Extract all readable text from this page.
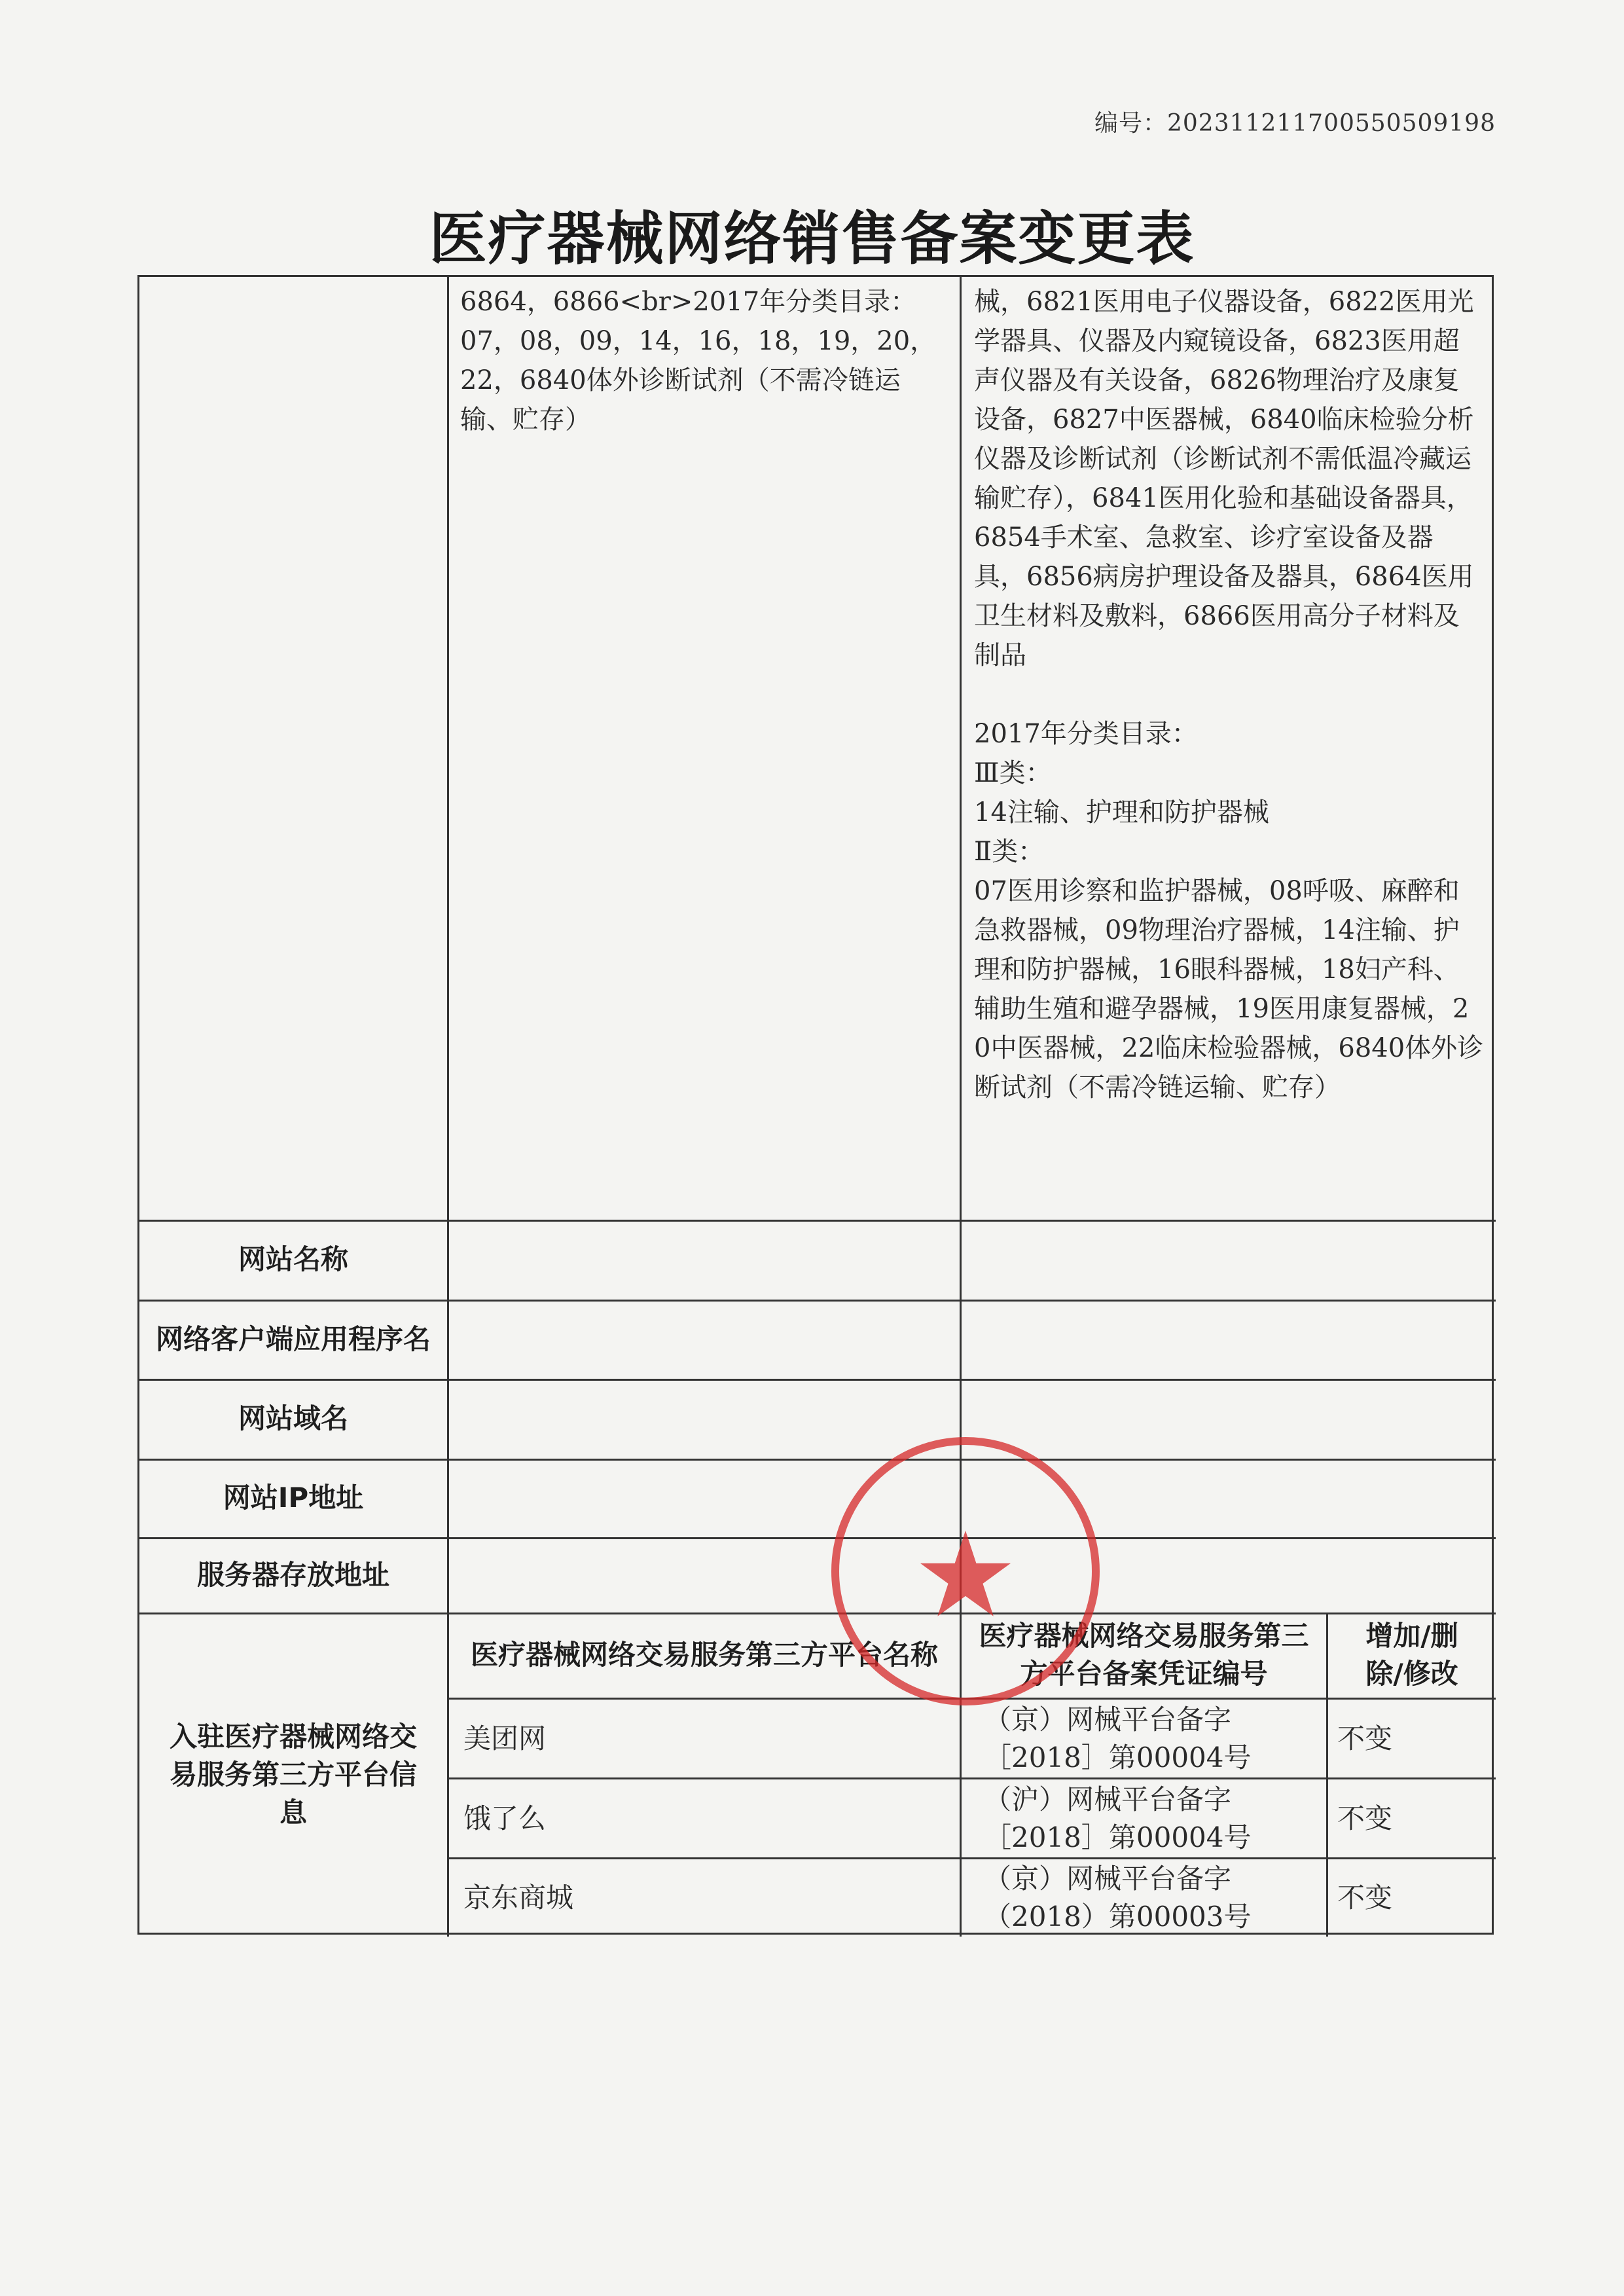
编号：20231121170055050919​8
医疗器械网络销售备案变更表
6864，6866<br>2017年分类目录：
07，08，09，14，16，18，19，20，22，6840体外诊断试剂（不需冷链运输、贮存）
械，6821医用电子仪器设备，6822医用光学器具、仪器及内窥镜设备，6823医用超声仪器及有关设备，6826物理治疗及康复设备，6827中医器械，6840临床检验分析仪器及诊断试剂（诊断试剂不需低温冷藏运输贮存），6841医用化验和基础设备器具，6854手术室、急救室、诊疗室设备及器具，6856病房护理设备及器具，6864医用卫生材料及敷料，6866医用高分子材料及制品

2017年分类目录：
Ⅲ类：
14注输、护理和防护器械
Ⅱ类：
07医用诊察和监护器械，08呼吸、麻醉和急救器械，09物理治疗器械，14注输、护理和防护器械，16眼科器械，18妇产科、辅助生殖和避孕器械，19医用康复器械，20中医器械，22临床检验器械，6840体外诊断试剂（不需冷链运输、贮存）
网站名称
网络客户端应用程序名
网站域名
网站IP地址
服务器存放地址
入驻医疗器械网络交易服务第三方平台信息
医疗器械网络交易服务第三方平台名称
医疗器械网络交易服务第三方平台备案凭证编号
增加/删除/修改
美团网
（京）网械平台备字［2018］第00004号
不变
饿了么
（沪）网械平台备字［2018］第00004号
不变
京东商城
（京）网械平台备字（2018）第00003号
不变
★
